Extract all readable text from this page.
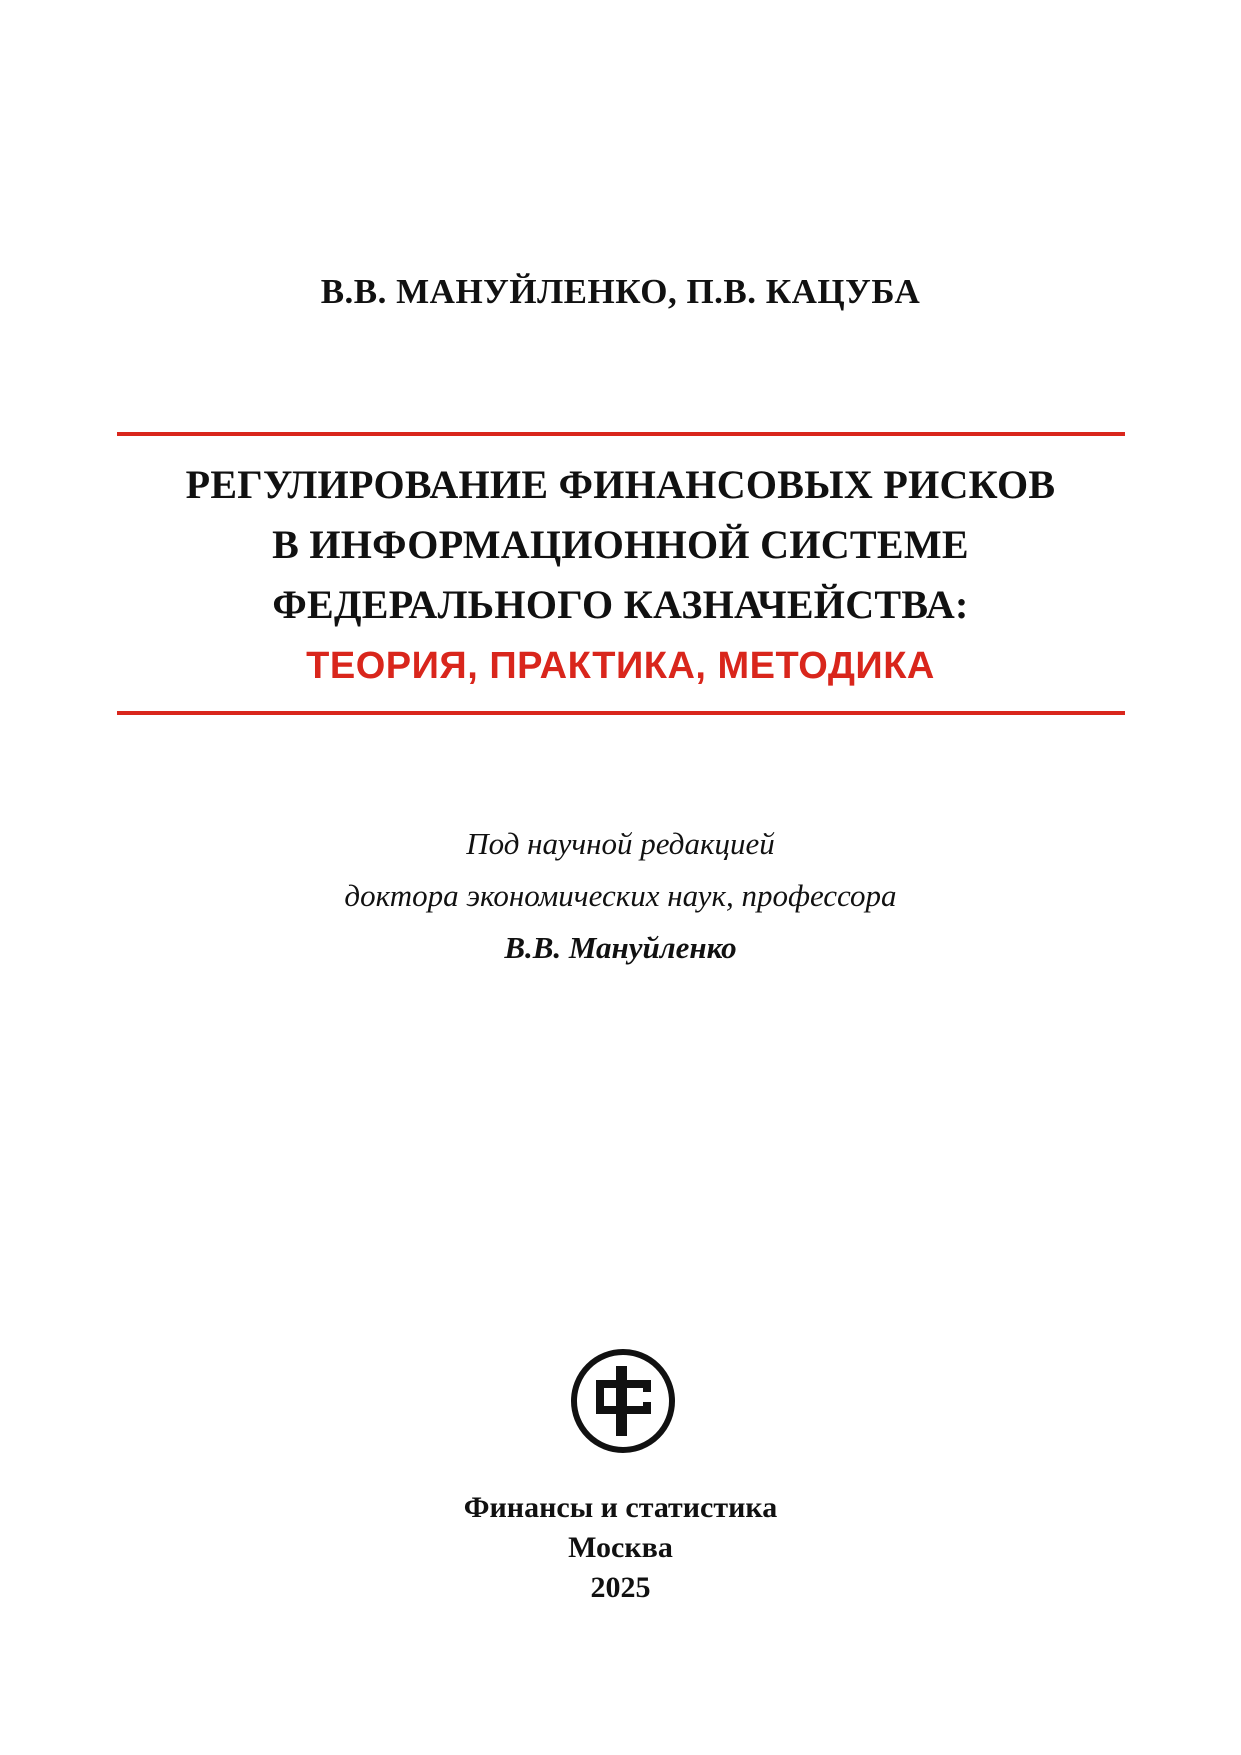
В.В. МАНУЙЛЕНКО, П.В. КАЦУБА
РЕГУЛИРОВАНИЕ ФИНАНСОВЫХ РИСКОВ
В ИНФОРМАЦИОННОЙ СИСТЕМЕ
ФЕДЕРАЛЬНОГО КАЗНАЧЕЙСТВА:
ТЕОРИЯ, ПРАКТИКА, МЕТОДИКА
Под научной редакцией
доктора экономических наук, профессора
В.В. Мануйленко
Финансы и статистика
Москва
2025
